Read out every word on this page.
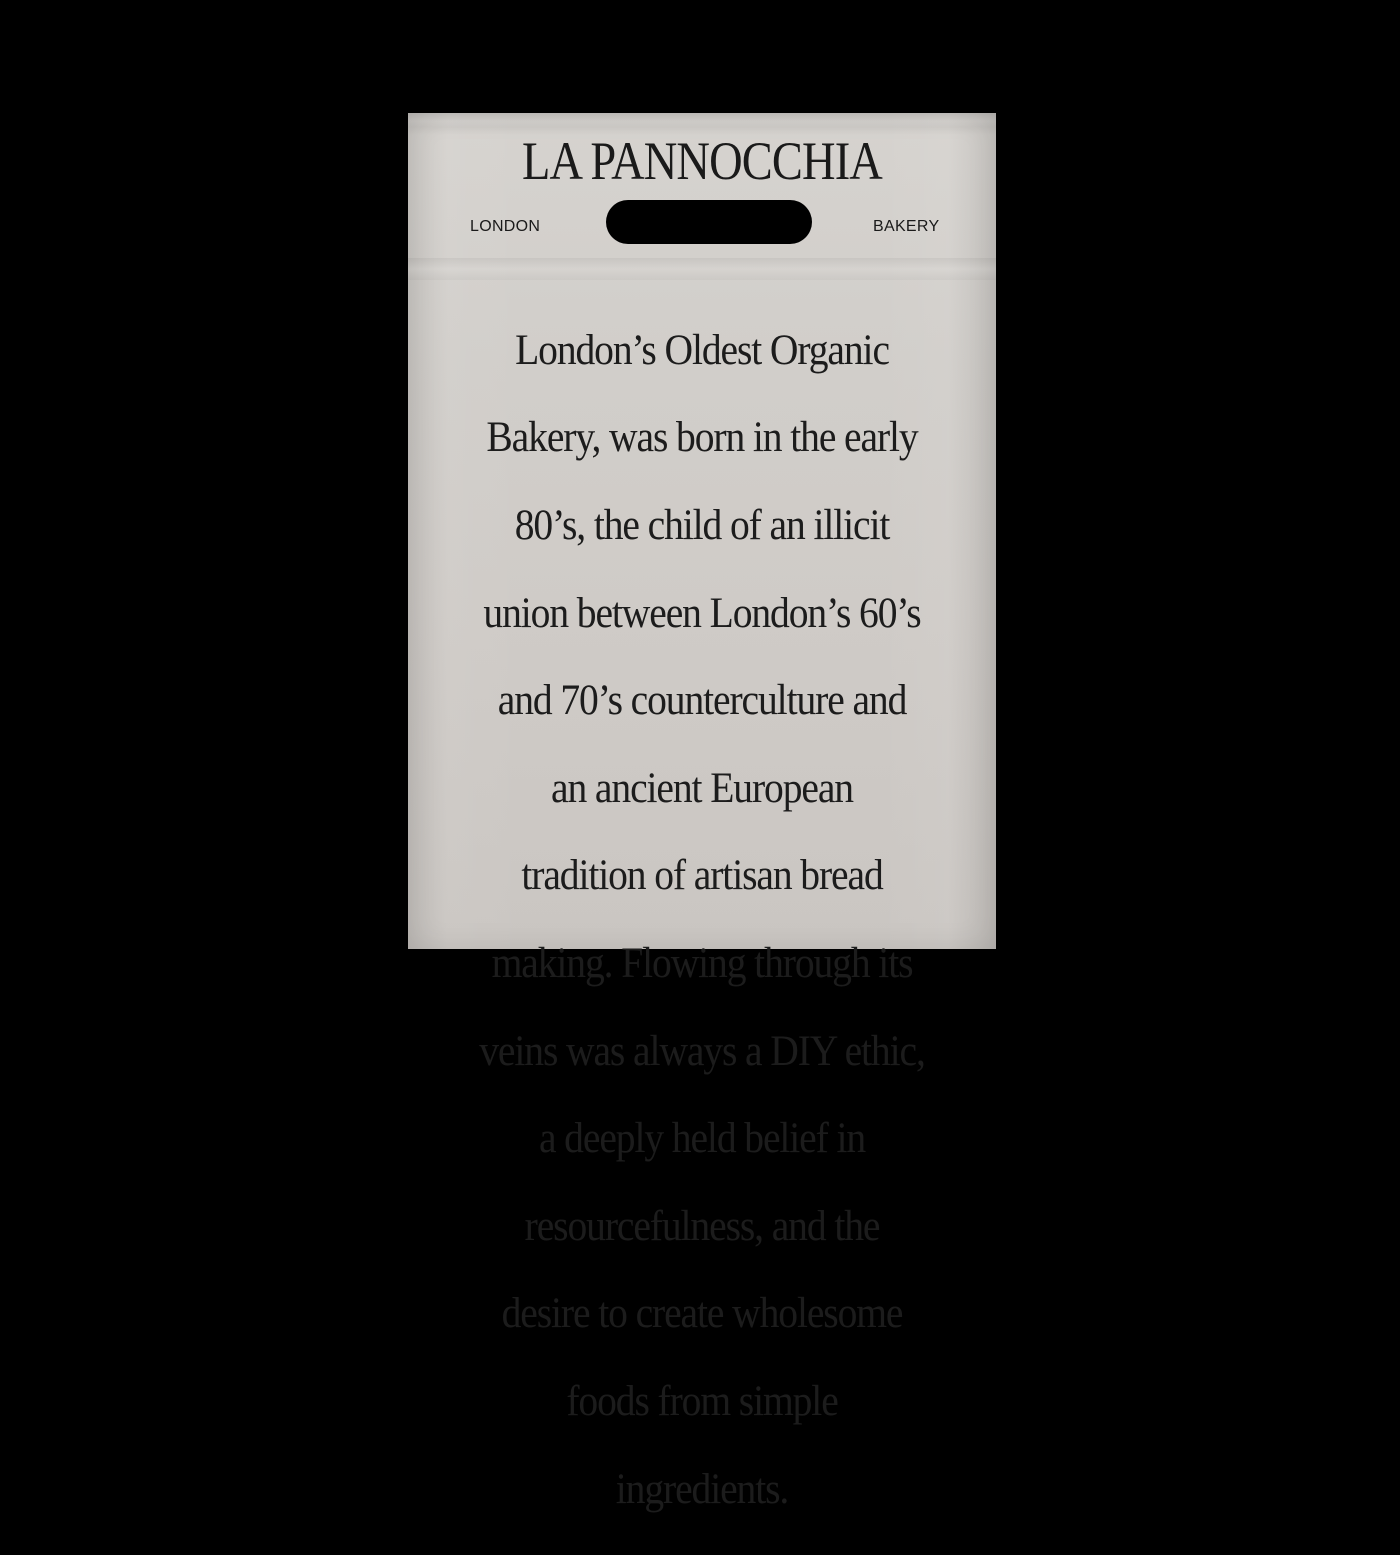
LA PANNOCCHIA
LONDON	BAKERY

London’s Oldest Organic

Bakery, was born in the early

80’s, the child of an illicit

union between London’s 60’s

and 70’s counterculture and

an ancient European

tradition of artisan bread

making. Flowing through its

veins was always a DIY ethic,

a deeply held belief in

resourcefulness, and the

desire to create wholesome

foods from simple

ingredients.
